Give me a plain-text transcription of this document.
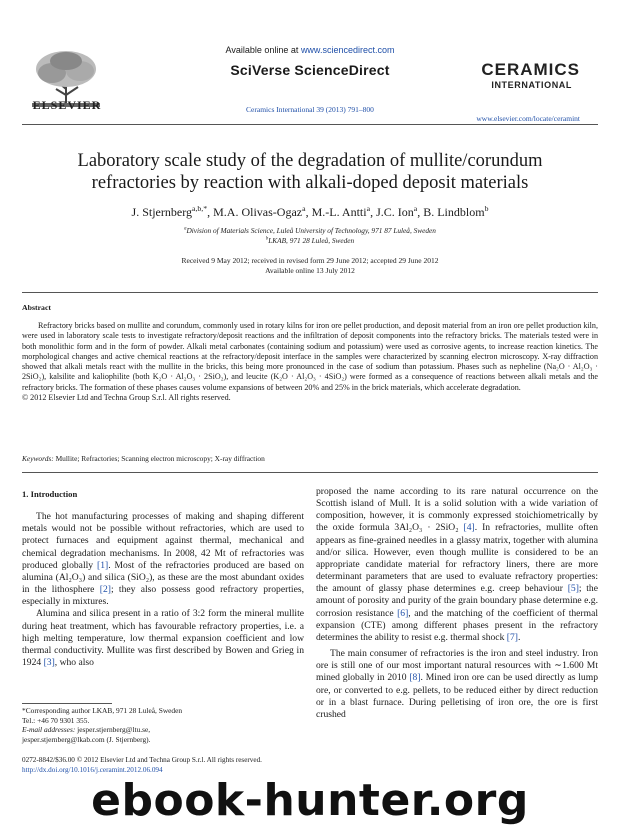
ELSEVIER
Available online at www.sciencedirect.com
SciVerse ScienceDirect
Ceramics International 39 (2013) 791–800
CERAMICS
INTERNATIONAL
www.elsevier.com/locate/ceramint
Laboratory scale study of the degradation of mullite/corundum
refractories by reaction with alkali-doped deposit materials
J. Stjernberg$^{a,b,*}$, M.A. Olivas-Ogaz$^a$, M.-L. Antti$^a$, J.C. Ion$^a$, B. Lindblom$^b$
$^a$Division of Materials Science, Luleå University of Technology, 971 87 Luleå, Sweden
$^b$LKAB, 971 28 Luleå, Sweden
Received 9 May 2012; received in revised form 29 June 2012; accepted 29 June 2012
Available online 13 July 2012
Abstract

Refractory bricks based on mullite and corundum, commonly used in rotary kilns for iron ore pellet production, and deposit material from an iron ore pellet production kiln, were used in laboratory scale tests to investigate refractory/deposit reactions and the infiltration of deposit components into the refractory bricks. The materials tested were in both monolithic form and in the form of powder. Alkali metal carbonates (containing sodium and potassium) were used as corrosive agents, to increase reaction kinetics. The morphological changes and active chemical reactions at the refractory/deposit interface in the samples were characterized by scanning electron microscopy. X-ray diffraction showed that alkali metals react with the mullite in the bricks, this being more pronounced in the case of sodium than potassium. Phases such as nepheline (Na₂O · Al₂O₃ · 2SiO₂), kalsilite and kaliophilite (both K₂O · Al₂O₃ · 2SiO₂), and leucite (K₂O · Al₂O₃ · 4SiO₂) were formed as a consequence of reactions between alkali metals and the refractory bricks. The formation of these phases causes volume expansions of between 20% and 25% in the brick materials, which accelerate degradation.

© 2012 Elsevier Ltd and Techna Group S.r.l. All rights reserved.
Keywords: Mullite; Refractories; Scanning electron microscopy; X-ray diffraction
1. Introduction

The hot manufacturing processes of making and shaping different metals would not be possible without refractories, which are used to protect furnaces and equipment against thermal, mechanical and chemical degradation mechanisms. In 2008, 42 Mt of refractories was produced globally [1]. Most of the refractories produced are based on alumina (Al₂O₃) and silica (SiO₂), as these are the most abundant oxides in the lithosphere [2]; they also possess good refractory properties, especially in mixtures.

Alumina and silica present in a ratio of 3:2 form the mineral mullite during heat treatment, which has favourable refractory properties, i.e. a high melting temperature, low thermal expansion coefficient and low thermal conductivity. Mullite was first described by Bowen and Grieg in 1924 [3], who also

proposed the name according to its rare natural occurrence on the Scottish island of Mull. It is a solid solution with a wide variation of composition, however, it is commonly expressed stoichiometrically by the oxide formula 3Al₂O₃ · 2SiO₂ [4]. In refractories, mullite often appears as fine-grained needles in a glassy matrix, together with alumina and/or silica. However, even though mullite is considered to be an appropriate candidate material for refractory liners, there are more determinant parameters that are used to evaluate refractory properties: the amount of glassy phase determines e.g. creep behaviour [5]; the amount of porosity and purity of the grain boundary phase determine e.g. corrosion resistance [6], and the matching of the coefficient of thermal expansion (CTE) among different phases present in the refractory determines the ability to resist e.g. thermal shock [7].

The main consumer of refractories is the iron and steel industry. Iron ore is still one of our most important natural resources with ∼1.600 Mt mined globally in 2010 [8]. Mined iron ore can be used directly as lump ore, or converted to e.g. pellets, to be reduced either by direct reduction or in a blast furnace. During pelletising of iron ore, the ore is first crushed

*Corresponding author LKAB, 971 28 Luleå, Sweden
Tel.: +46 70 9301 355.
E-mail addresses: jesper.stjernberg@ltu.se,
jesper.stjernberg@lkab.com (J. Stjernberg).
0272-8842/$36.00 © 2012 Elsevier Ltd and Techna Group S.r.l. All rights reserved.
http://dx.doi.org/10.1016/j.ceramint.2012.06.094
ebook-hunter.org
